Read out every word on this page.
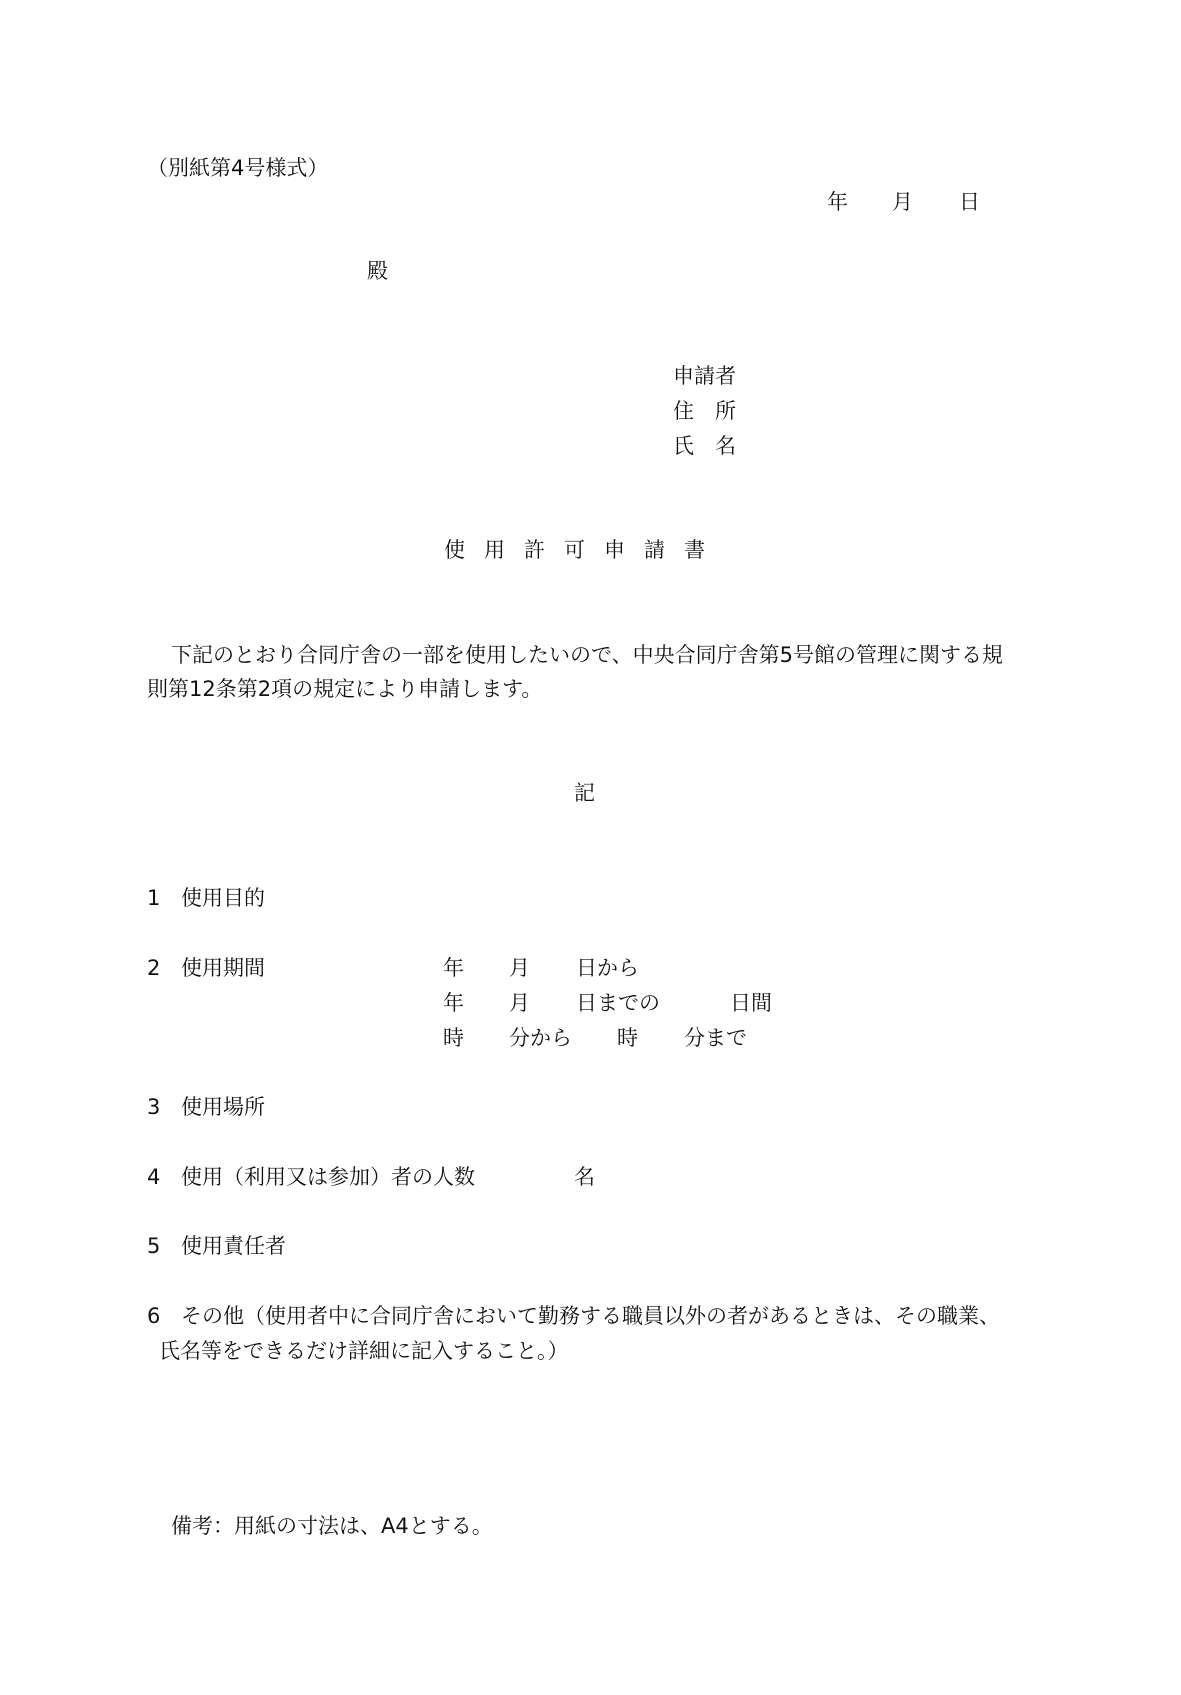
（別紙第4号様式）
年 月 日
殿
申請者
住　所
氏　名
使用許可申請書
下記のとおり合同庁舎の一部を使用したいので、中央合同庁舎第5号館の管理に関する規
則第12条第2項の規定により申請します。
記
1 使用目的
2 使用期間	年 月 日から
年 月 日までの	日間
時 分から 時 分まで
3 使用場所
4 使用（利用又は参加）者の人数	名
5 使用責任者
6 その他（使用者中に合同庁舎において勤務する職員以外の者があるときは、その職業、
氏名等をできるだけ詳細に記入すること。）
備考：用紙の寸法は、A4とする。
